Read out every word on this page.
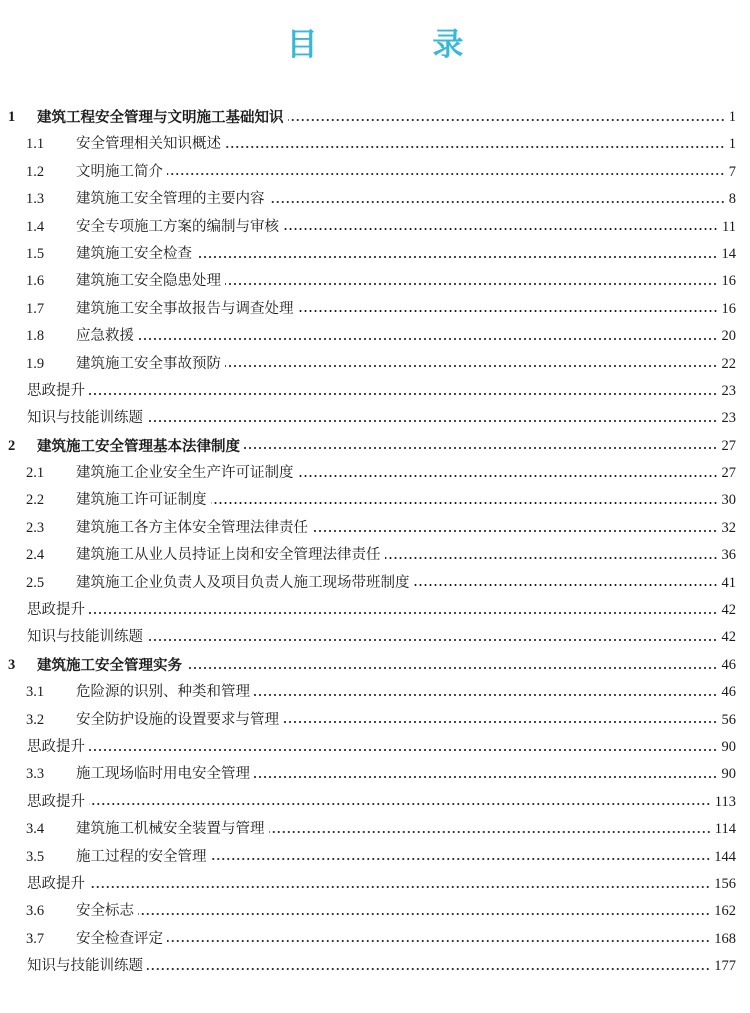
目 录
1 建筑工程安全管理与文明施工基础知识	1
1.1 安全管理相关知识概述	1
1.2 文明施工简介	7
1.3 建筑施工安全管理的主要内容	8
1.4 安全专项施工方案的编制与审核	11
1.5 建筑施工安全检查	14
1.6 建筑施工安全隐患处理	16
1.7 建筑施工安全事故报告与调查处理	16
1.8 应急救援	20
1.9 建筑施工安全事故预防	22
思政提升	23
知识与技能训练题	23
2 建筑施工安全管理基本法律制度	27
2.1 建筑施工企业安全生产许可证制度	27
2.2 建筑施工许可证制度	30
2.3 建筑施工各方主体安全管理法律责任	32
2.4 建筑施工从业人员持证上岗和安全管理法律责任	36
2.5 建筑施工企业负责人及项目负责人施工现场带班制度	41
思政提升	42
知识与技能训练题	42
3 建筑施工安全管理实务	46
3.1 危险源的识别、种类和管理	46
3.2 安全防护设施的设置要求与管理	56
思政提升	90
3.3 施工现场临时用电安全管理	90
思政提升	113
3.4 建筑施工机械安全装置与管理	114
3.5 施工过程的安全管理	144
思政提升	156
3.6 安全标志	162
3.7 安全检查评定	168
知识与技能训练题	177
